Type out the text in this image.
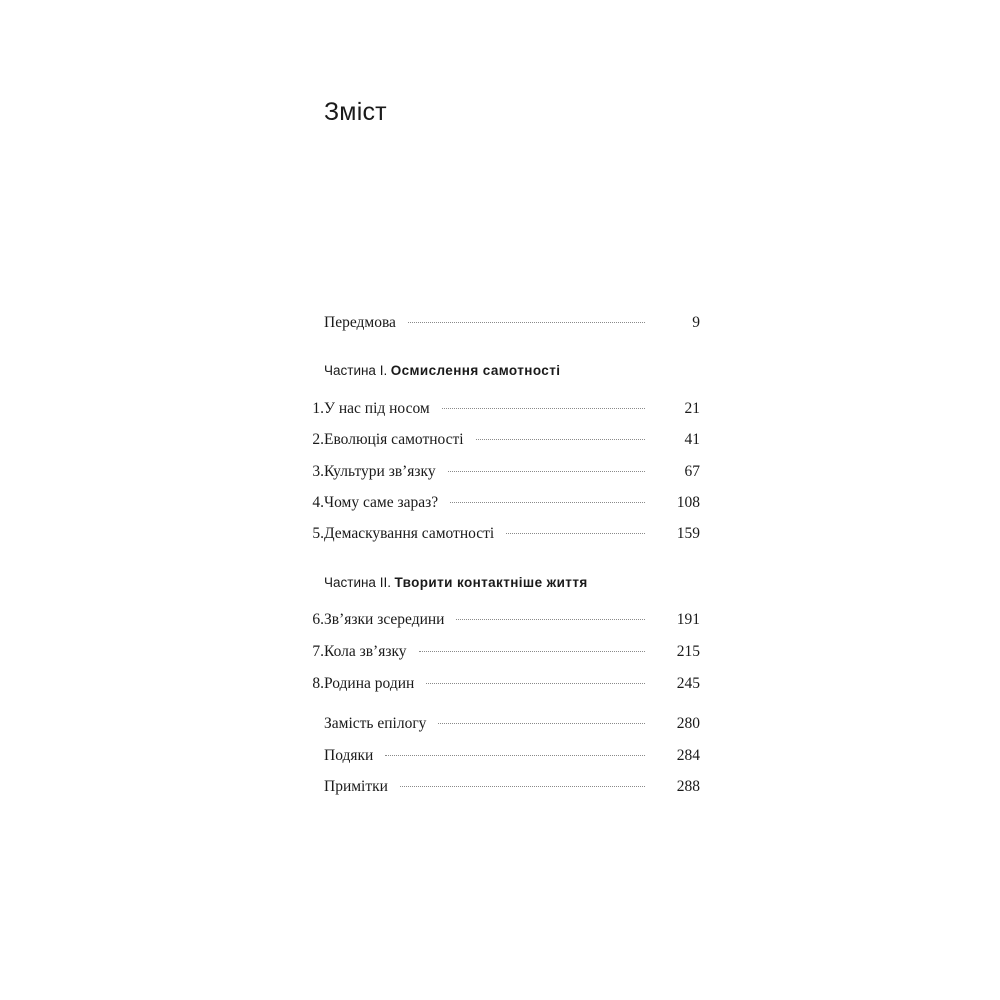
Зміст
Передмова	9
Частина I. Осмислення самотності
1. У нас під носом	21
2. Еволюція самотності	41
3. Культури зв’язку	67
4. Чому саме зараз?	108
5. Демаскування самотності	159
Частина II. Творити контактніше життя
6. Зв’язки зсередини	191
7. Кола зв’язку	215
8. Родина родин	245
Замість епілогу	280
Подяки	284
Примітки	288
